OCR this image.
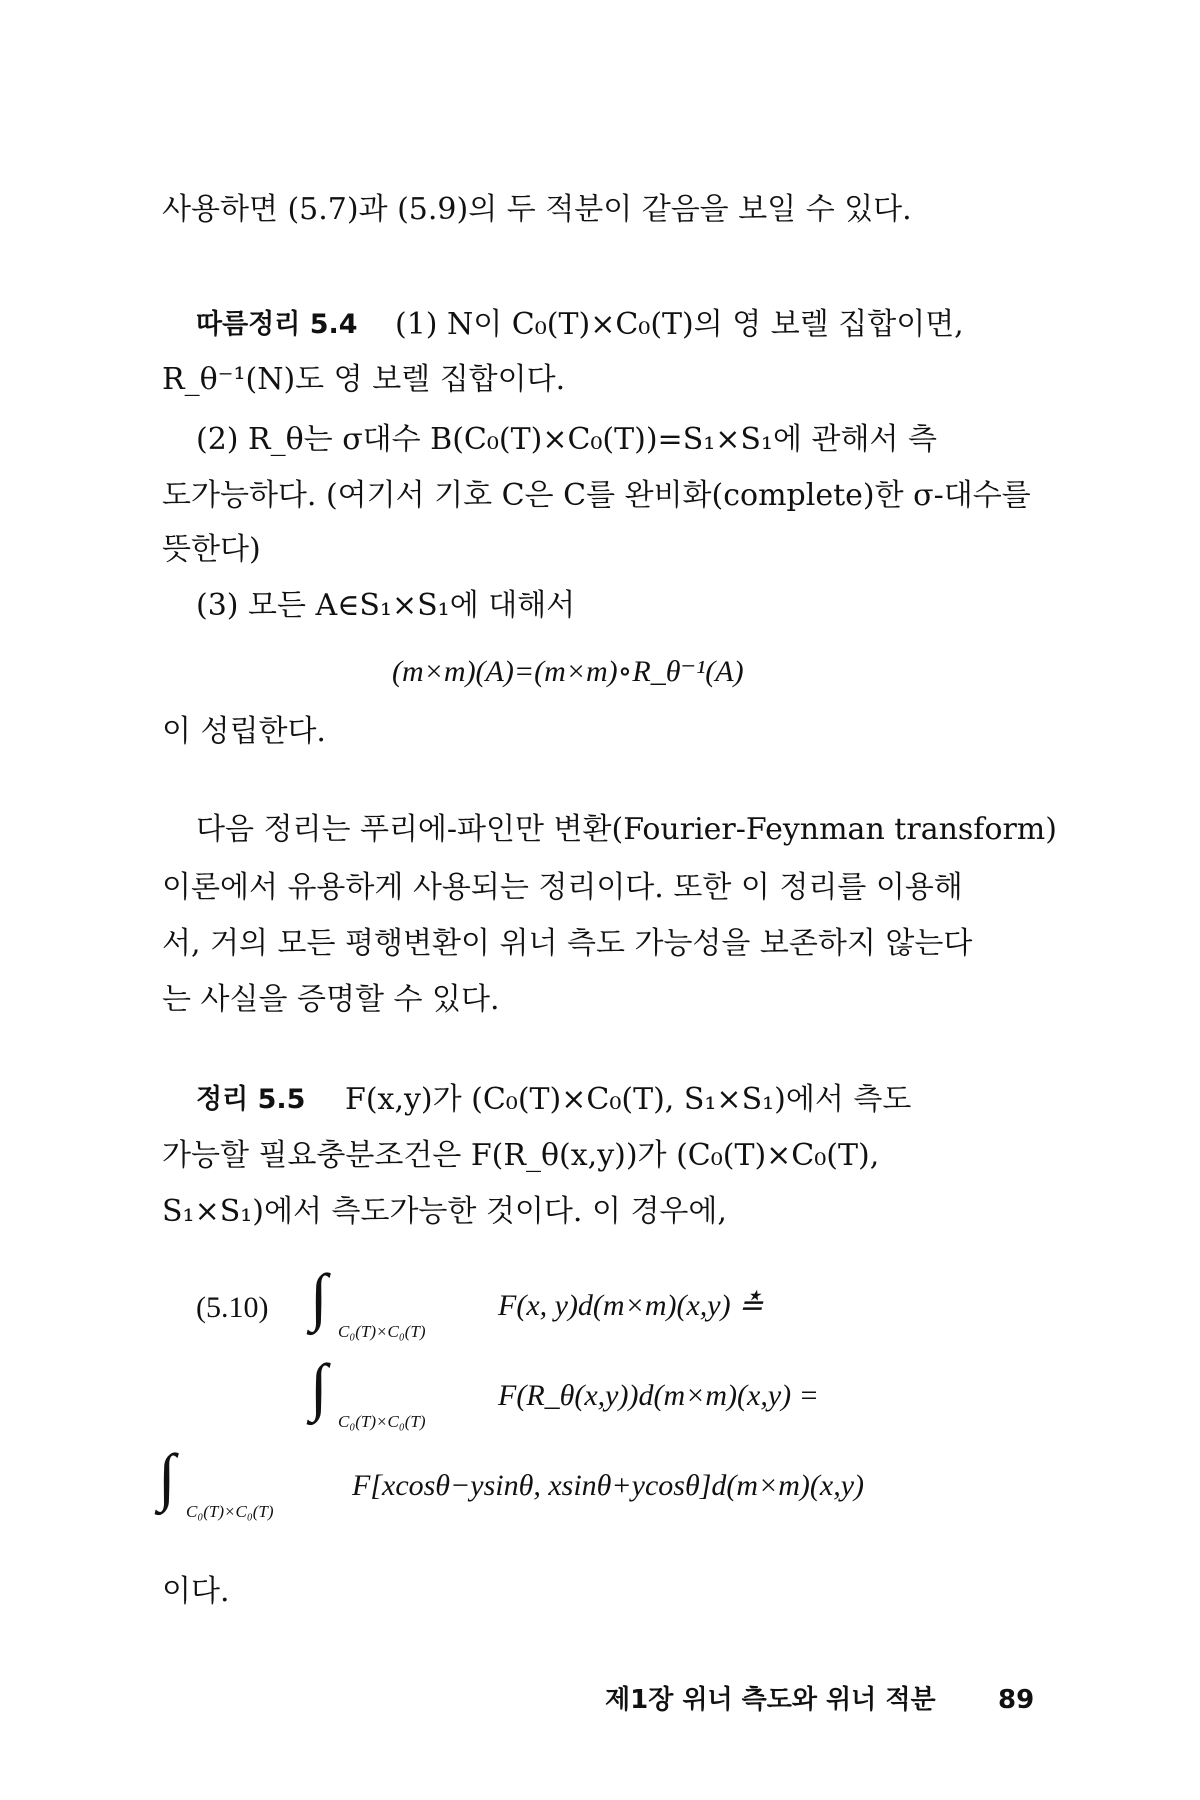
사용하면 (5.7)과 (5.9)의 두 적분이 같음을 보일 수 있다.
따름정리 5.4 (1) N이 C₀(T)×C₀(T)의 영 보렐 집합이면,
R_θ⁻¹(N)도 영 보렐 집합이다.
(2) R_θ는 σ대수 B(C₀(T)×C₀(T))=S₁×S₁에 관해서 측
도가능하다. (여기서 기호 C은 C를 완비화(complete)한 σ-대수를
뜻한다)
(3) 모든 A∈S₁×S₁에 대해서
(m×m)(A)=(m×m)∘R_θ⁻¹(A)
이 성립한다.
다음 정리는 푸리에-파인만 변환(Fourier-Feynman transform)
이론에서 유용하게 사용되는 정리이다. 또한 이 정리를 이용해
서, 거의 모든 평행변환이 위너 측도 가능성을 보존하지 않는다
는 사실을 증명할 수 있다.
정리 5.5 F(x,y)가 (C₀(T)×C₀(T), S₁×S₁)에서 측도
가능할 필요충분조건은 F(R_θ(x,y))가 (C₀(T)×C₀(T),
S₁×S₁)에서 측도가능한 것이다. 이 경우에,
(5.10) ∫ C₀(T)×C₀(T)
F(x, y)d(m×m)(x,y) ≛
∫ C₀(T)×C₀(T)
F(R_θ(x,y))d(m×m)(x,y) =
∫ C₀(T)×C₀(T)
F[xcosθ−ysinθ, xsinθ+ycosθ]d(m×m)(x,y)
이다.
제1장 위너 측도와 위너 적분 89
